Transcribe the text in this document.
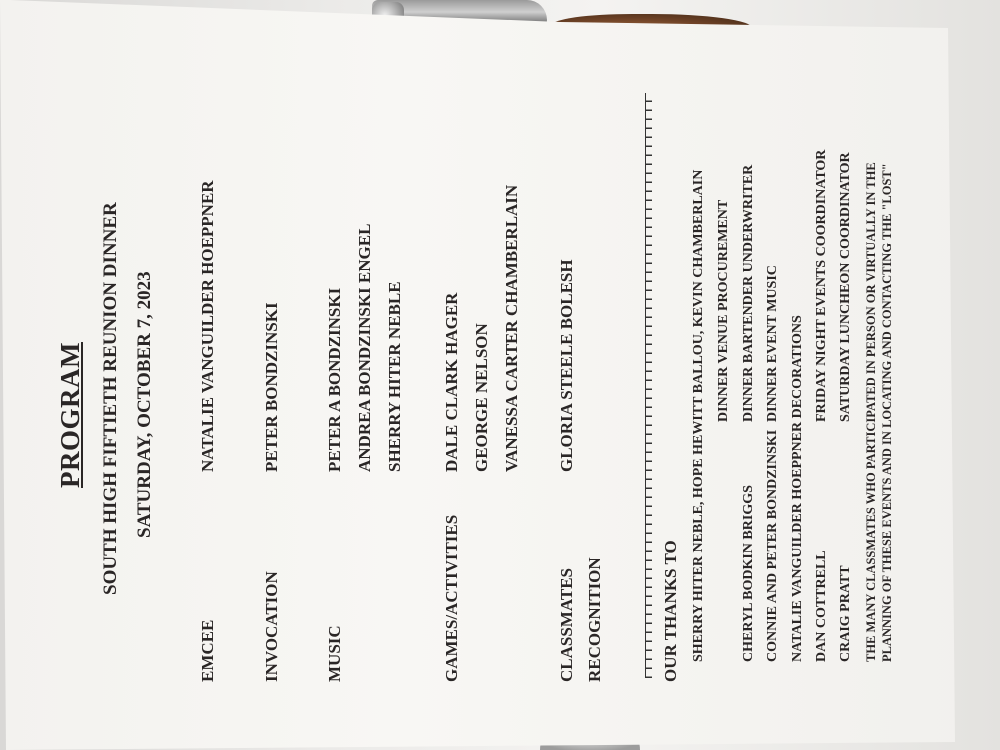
PROGRAM SOUTH HIGH FIFTIETH REUNION DINNER SATURDAY, OCTOBER 7, 2023
EMCEE
NATALIE VANGUILDER HOEPPNER
INVOCATION
PETER BONDZINSKI
MUSIC
PETER A BONDZINSKI ANDREA BONDZINSKI ENGEL SHERRY HITER NEBLE
GAMES/ACTIVITIES
DALE CLARK HAGER GEORGE NELSON VANESSA CARTER CHAMBERLAIN
CLASSMATES
GLORIA STEELE BOLESH
RECOGNITION	OUR THANKS TO SHERRY HITER NEBLE, HOPE HEWITT BALLOU, KEVIN CHAMBERLAIN DINNER VENUE PROCUREMENT
CHERYL BODKIN BRIGGS
DINNER BARTENDER UNDERWRITER
CONNIE AND PETER BONDZINSKI
DINNER EVENT MUSIC NATALIE VANGUILDER HOEPPNER DECORATIONS DAN COTTRELL
FRIDAY NIGHT EVENTS COORDINATOR
CRAIG PRATT
SATURDAY LUNCHEON COORDINATOR THE MANY CLASSMATES WHO PARTICIPATED IN PERSON OR VIRTUALLY IN THE PLANNING OF THESE EVENTS AND IN LOCATING AND CONTACTING THE "LOST"
